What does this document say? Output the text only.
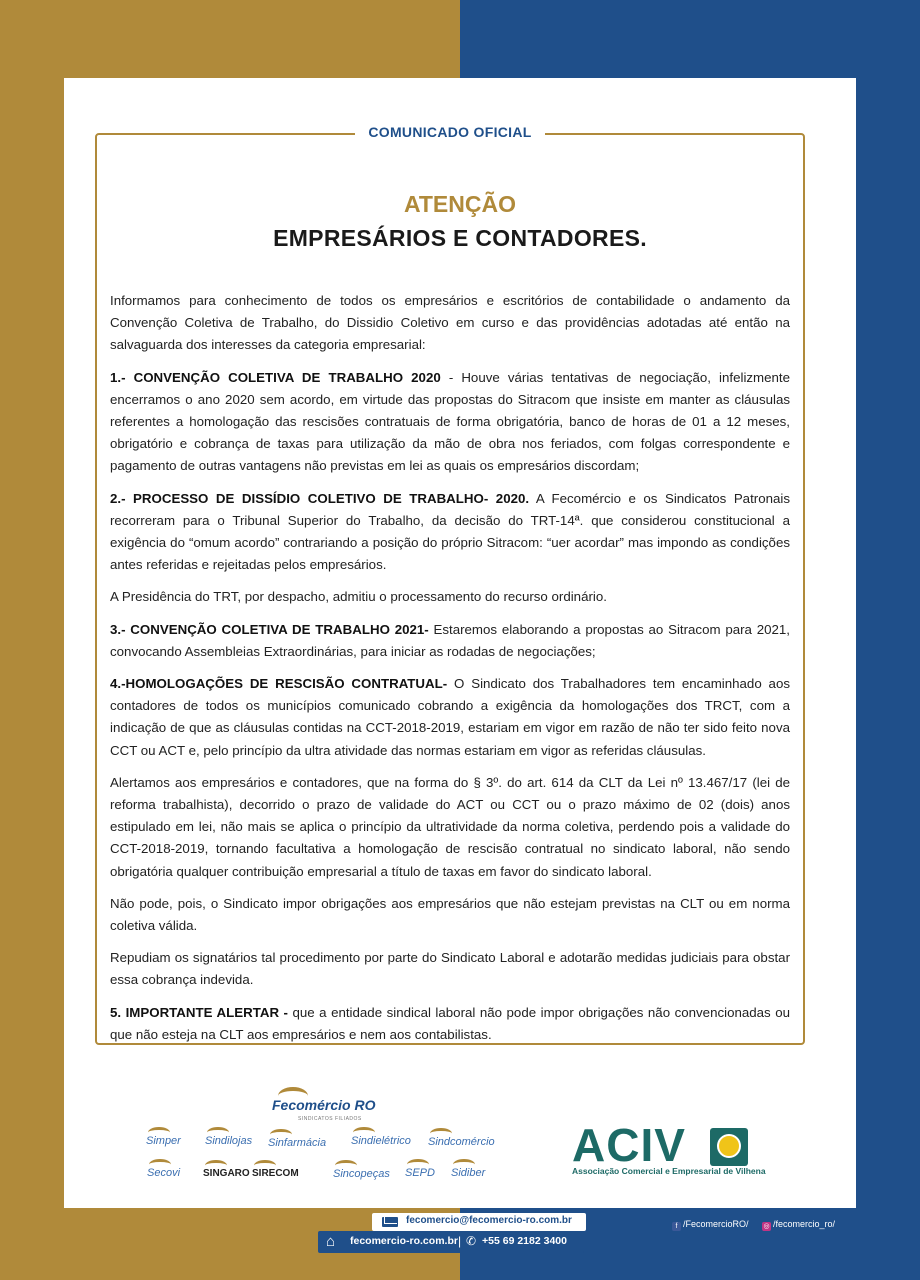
COMUNICADO OFICIAL
ATENÇÃO
EMPRESÁRIOS E CONTADORES.

Informamos para conhecimento de todos os empresários e escritórios de contabilidade o andamento da Convenção Coletiva de Trabalho, do Dissidio Coletivo em curso e das providências adotadas até então na salvaguarda dos interesses da categoria empresarial:

1.- CONVENÇÃO COLETIVA DE TRABALHO 2020 - Houve várias tentativas de negociação, infelizmente encerramos o ano 2020 sem acordo, em virtude das propostas do Sitracom que insiste em manter as cláusulas referentes a homologação das rescisões contratuais de forma obrigatória, banco de horas de 01 a 12 meses, obrigatório e cobrança de taxas para utilização da mão de obra nos feriados, com folgas correspondente e pagamento de outras vantagens não previstas em lei as quais os empresários discordam;

2.- PROCESSO DE DISSÍDIO COLETIVO DE TRABALHO- 2020. A Fecomércio e os Sindicatos Patronais recorreram para o Tribunal Superior do Trabalho, da decisão do TRT-14ª. que considerou constitucional a exigência do “omum acordo” contrariando a posição do próprio Sitracom: “uer acordar” mas impondo as condições antes referidas e rejeitadas pelos empresários.

A Presidência do TRT, por despacho, admitiu o processamento do recurso ordinário.

3.- CONVENÇÃO COLETIVA DE TRABALHO 2021- Estaremos elaborando a propostas ao Sitracom para 2021, convocando Assembleias Extraordinárias, para iniciar as rodadas de negociações;

4.-HOMOLOGAÇÕES DE RESCISÃO CONTRATUAL- O Sindicato dos Trabalhadores tem encaminhado aos contadores de todos os municípios comunicado cobrando a exigência da homologações dos TRCT, com a indicação de que as cláusulas contidas na CCT-2018-2019, estariam em vigor em razão de não ter sido feito nova CCT ou ACT e, pelo princípio da ultra atividade das normas estariam em vigor as referidas cláusulas.

Alertamos aos empresários e contadores, que na forma do § 3º. do art. 614 da CLT da Lei nº 13.467/17 (lei de reforma trabalhista), decorrido o prazo de validade do ACT ou CCT ou o prazo máximo de 02 (dois) anos estipulado em lei, não mais se aplica o princípio da ultratividade da norma coletiva, perdendo pois a validade do CCT-2018-2019, tornando facultativa a homologação de rescisão contratual no sindicato laboral, não sendo obrigatória qualquer contribuição empresarial a título de taxas em favor do sindicato laboral.

Não pode, pois, o Sindicato impor obrigações aos empresários que não estejam previstas na CLT ou em norma coletiva válida.

Repudiam os signatários tal procedimento por parte do Sindicato Laboral e adotarão medidas judiciais para obstar essa cobrança indevida.

5. IMPORTANTE ALERTAR - que a entidade sindical laboral não pode impor obrigações não convencionadas ou que não esteja na CLT aos empresários e nem aos contabilistas.

Fecomércio RO
SINDICATOS FILIADOS
Simper Sindilojas Sinfarmácia Sindielétrico Sindcomércio
Secovi SINGARO SIRECOM	Sincopeças SEPD Sidiber
ACIV
Associação Comercial e Empresarial de Vilhena
fecomercio@fecomercio-ro.com.br
⌂ fecomercio-ro.com.br | ✆ +55 69 2182 3400
f /FecomercioRO/ ◎ /fecomercio_ro/
